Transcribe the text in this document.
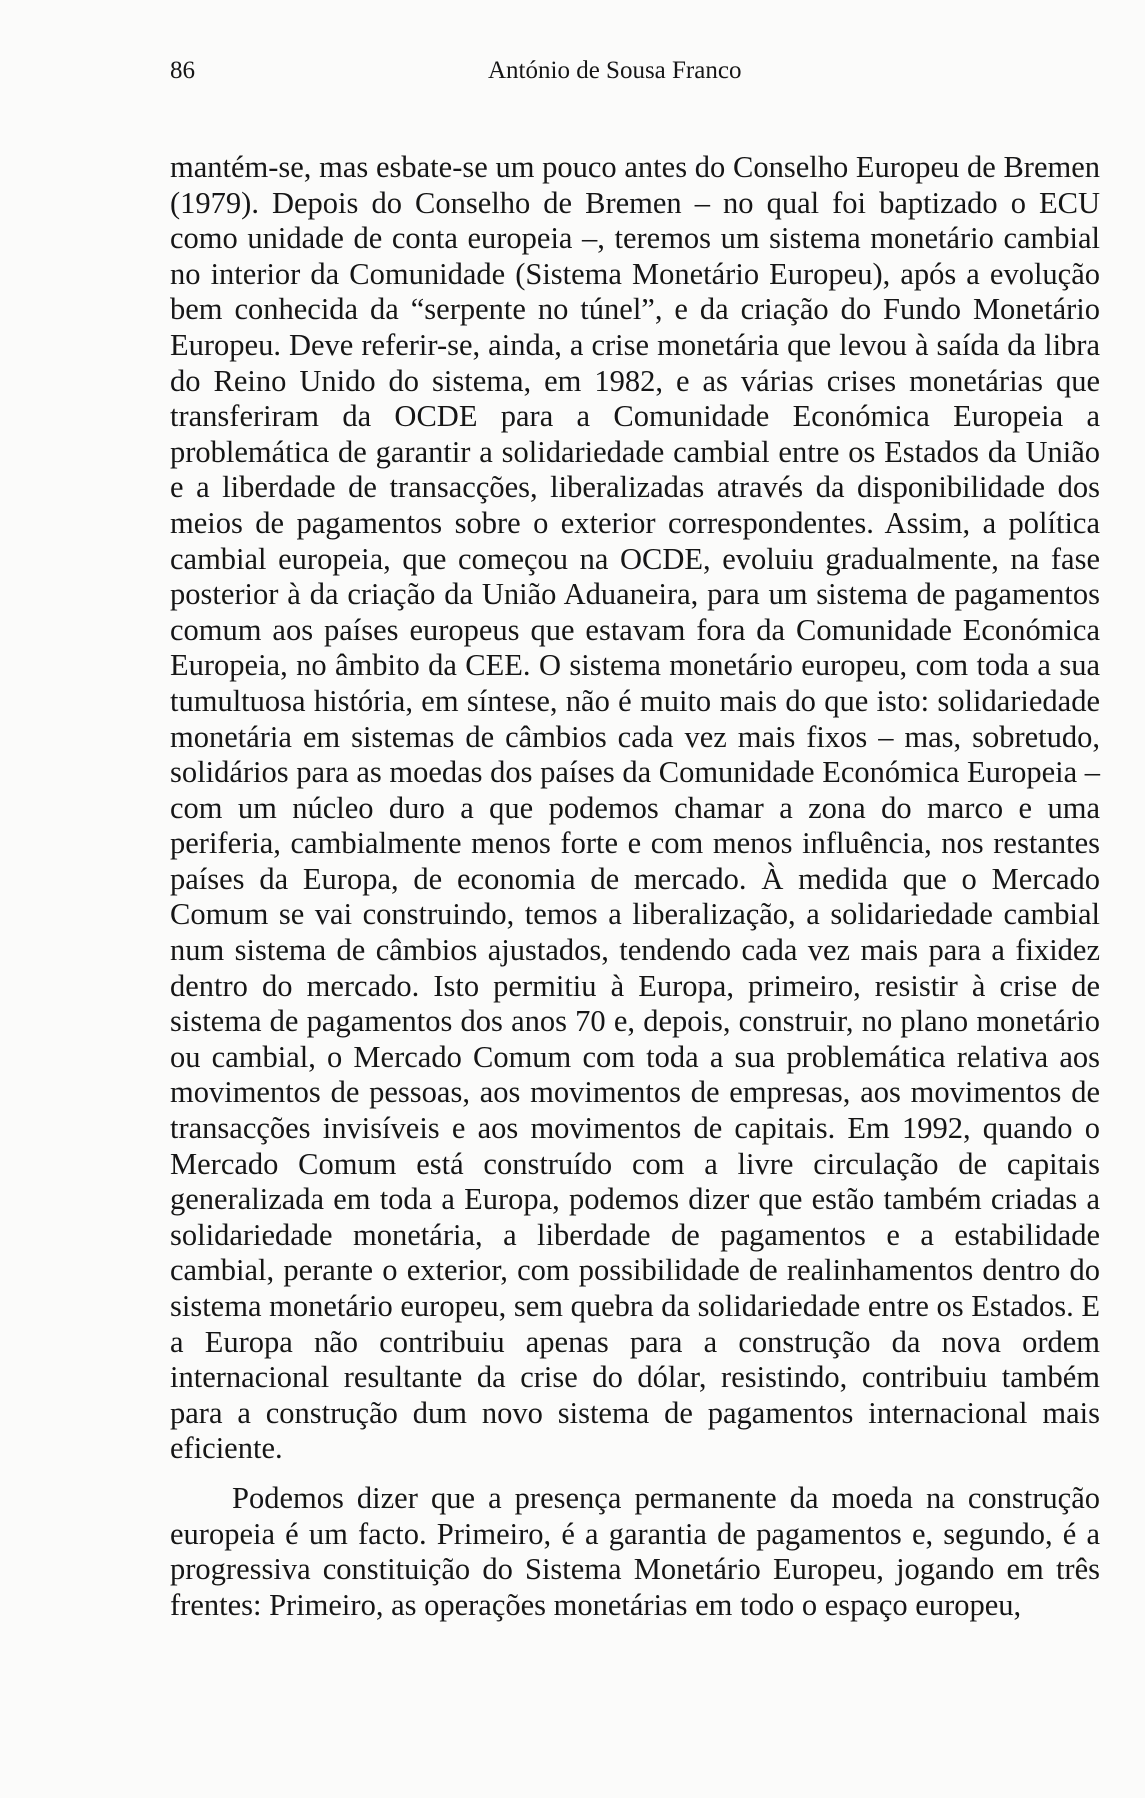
86	António de Sousa Franco

mantém-se, mas esbate-se um pouco antes do Conselho Europeu de Bremen (1979). Depois do Conselho de Bremen – no qual foi baptizado o ECU como unidade de conta europeia –, teremos um sistema monetário cambial no interior da Comunidade (Sistema Monetário Europeu), após a evolução bem conhecida da “serpente no túnel”, e da criação do Fundo Monetário Europeu. Deve referir-se, ainda, a crise monetária que levou à saída da libra do Reino Unido do sistema, em 1982, e as várias crises monetárias que transferiram da OCDE para a Comunidade Económica Europeia a problemática de garantir a solidariedade cambial entre os Estados da União e a liberdade de transacções, liberalizadas através da disponibilidade dos meios de pagamentos sobre o exterior correspondentes. Assim, a política cambial europeia, que começou na OCDE, evoluiu gradualmente, na fase posterior à da criação da União Aduaneira, para um sistema de pagamentos comum aos países europeus que estavam fora da Comunidade Económica Europeia, no âmbito da CEE. O sistema monetário europeu, com toda a sua tumultuosa história, em síntese, não é muito mais do que isto: solidariedade monetária em sistemas de câmbios cada vez mais fixos – mas, sobretudo, solidários para as moedas dos países da Comunidade Económica Europeia – com um núcleo duro a que podemos chamar a zona do marco e uma periferia, cambialmente menos forte e com menos influência, nos restantes países da Europa, de economia de mercado. À medida que o Mercado Comum se vai construindo, temos a liberalização, a solidariedade cambial num sistema de câmbios ajustados, tendendo cada vez mais para a fixidez dentro do mercado. Isto permitiu à Europa, primeiro, resistir à crise de sistema de pagamentos dos anos 70 e, depois, construir, no plano monetário ou cambial, o Mercado Comum com toda a sua problemática relativa aos movimentos de pessoas, aos movimentos de empresas, aos movimentos de transacções invisíveis e aos movimentos de capitais. Em 1992, quando o Mercado Comum está construído com a livre circulação de capitais generalizada em toda a Europa, podemos dizer que estão também criadas a solidariedade monetária, a liberdade de pagamentos e a estabilidade cambial, perante o exterior, com possibilidade de realinhamentos dentro do sistema monetário europeu, sem quebra da solidariedade entre os Estados. E a Europa não contribuiu apenas para a construção da nova ordem internacional resultante da crise do dólar, resistindo, contribuiu também para a construção dum novo sistema de pagamentos internacional mais eficiente.

Podemos dizer que a presença permanente da moeda na construção europeia é um facto. Primeiro, é a garantia de pagamentos e, segundo, é a progressiva constituição do Sistema Monetário Europeu, jogando em três frentes: Primeiro, as operações monetárias em todo o espaço europeu,
